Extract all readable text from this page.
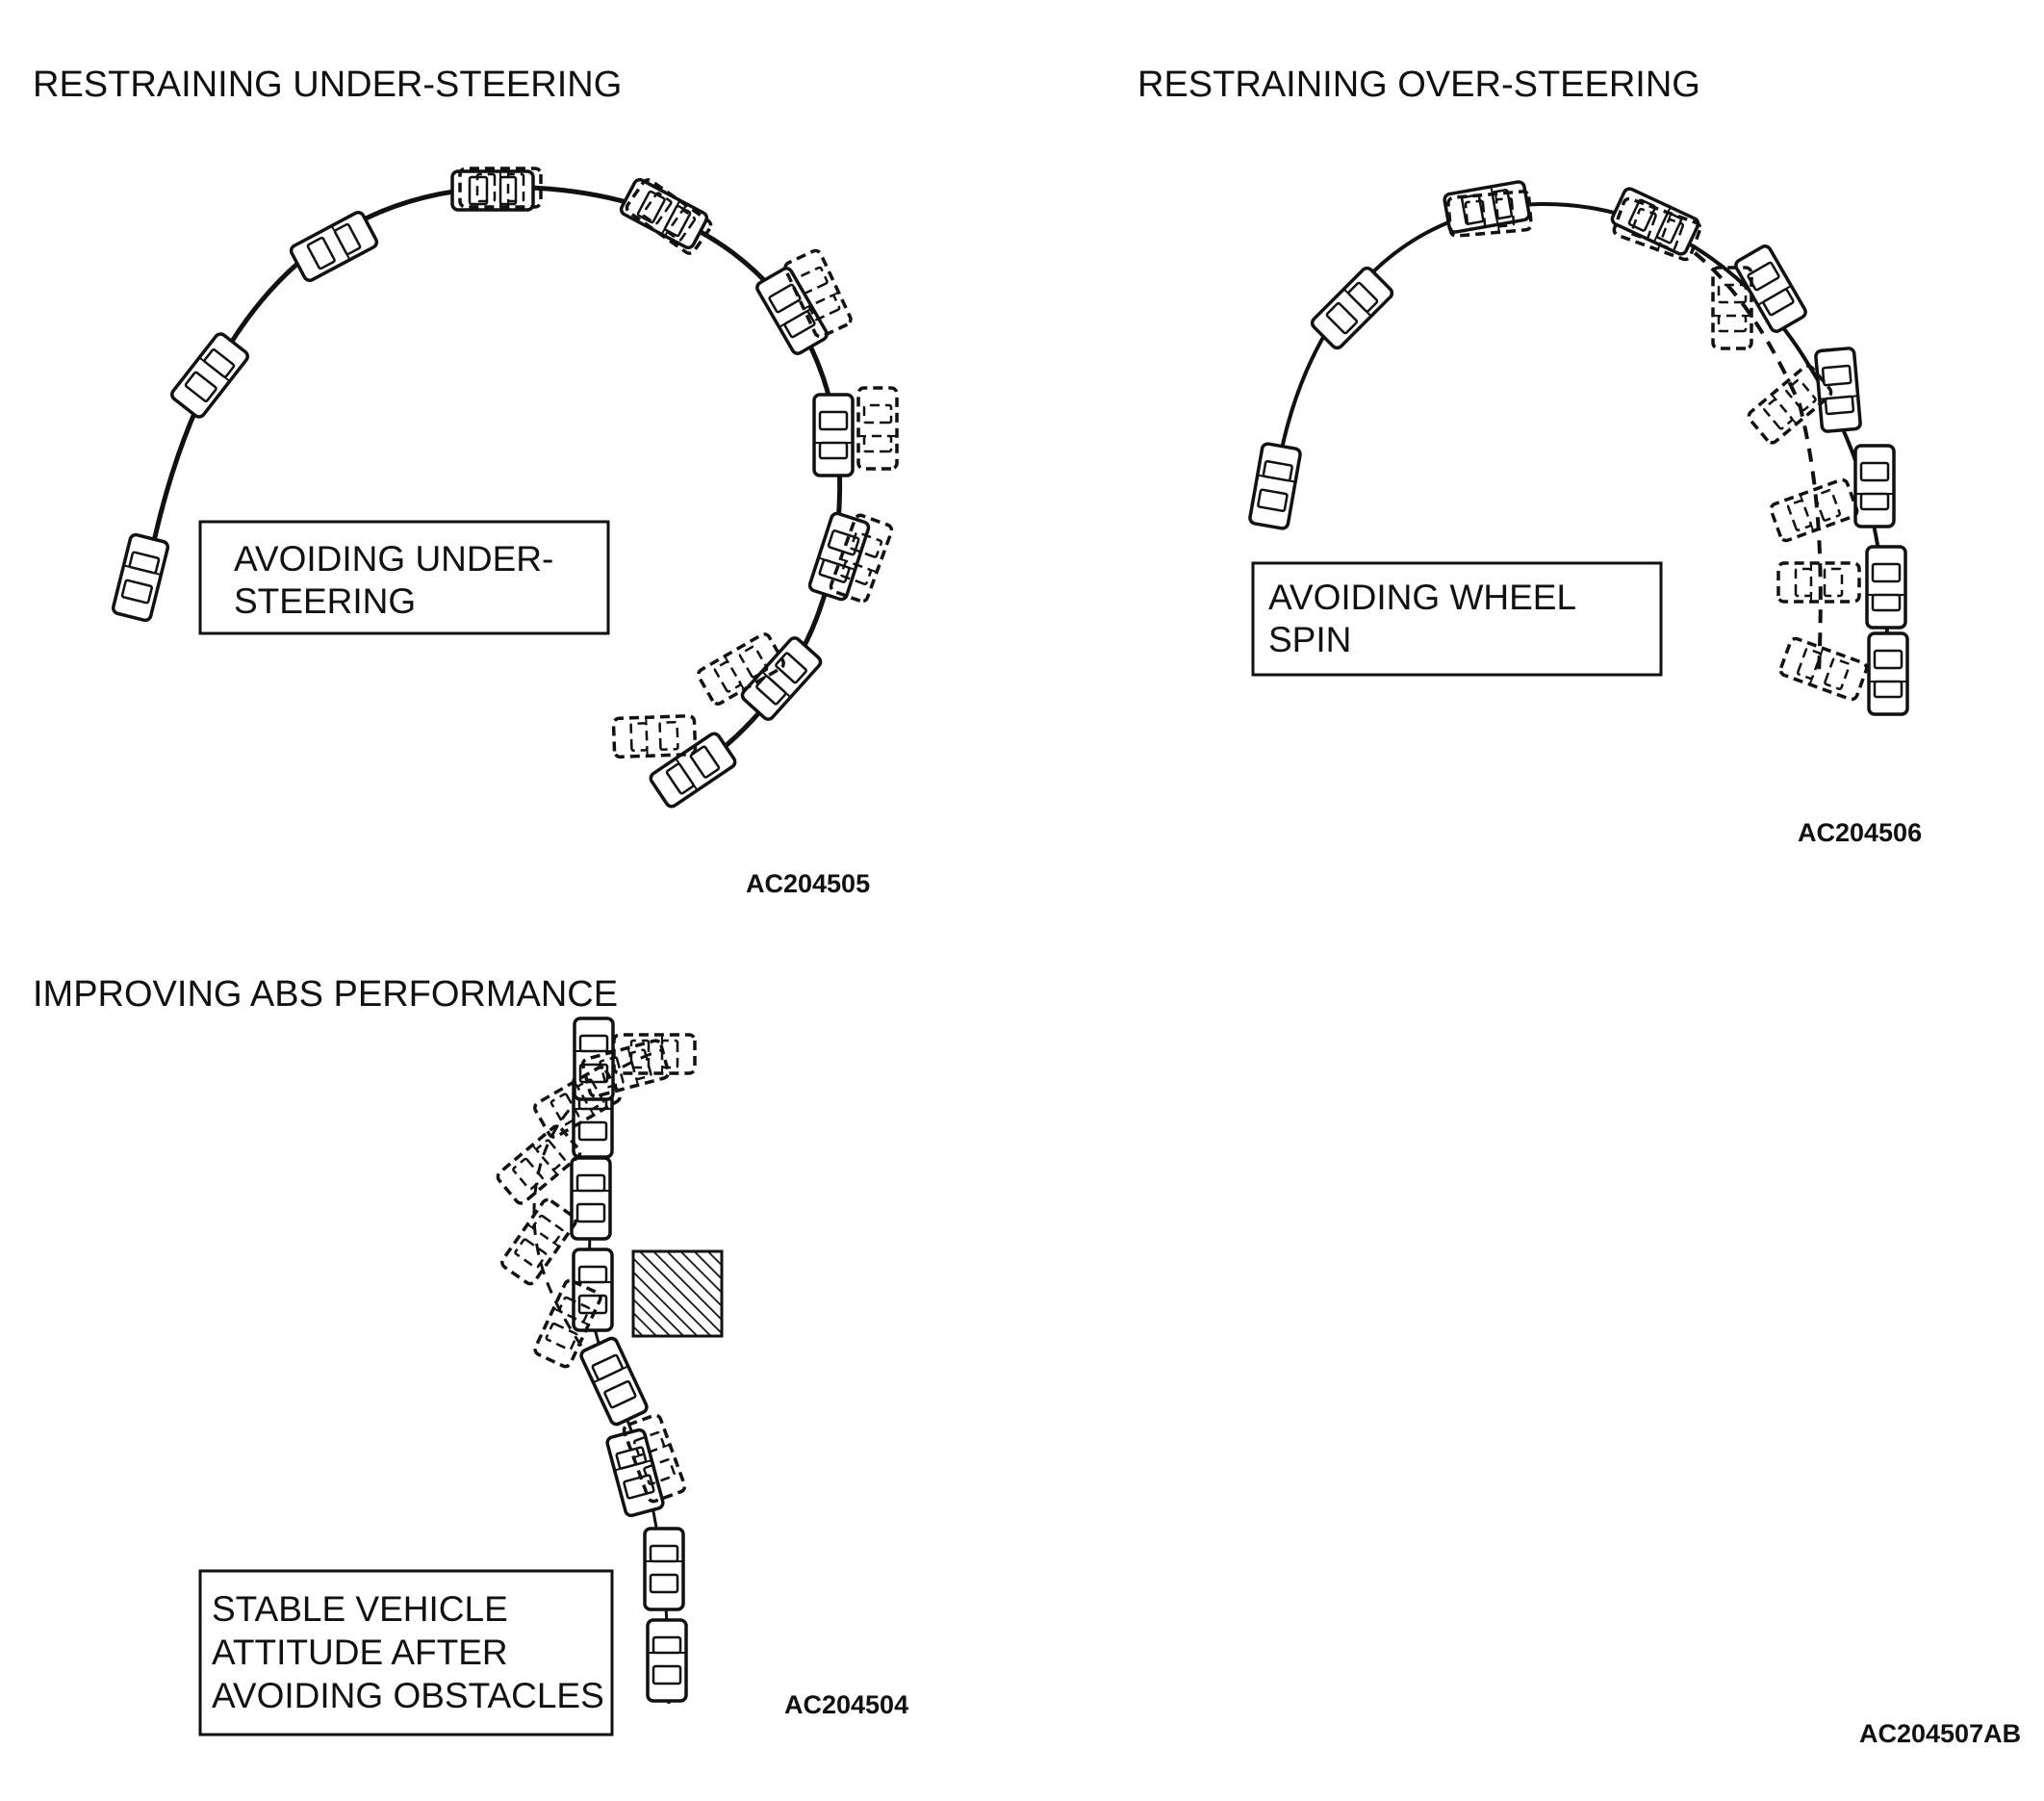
RESTRAINING UNDER-STEERING
AVOIDING UNDER-
STEERING
AC204505
RESTRAINING OVER-STEERING
AVOIDING WHEEL
SPIN
AC204506
IMPROVING ABS PERFORMANCE
STABLE VEHICLE
ATTITUDE AFTER
AVOIDING OBSTACLES	AC204504
AC204507AB
